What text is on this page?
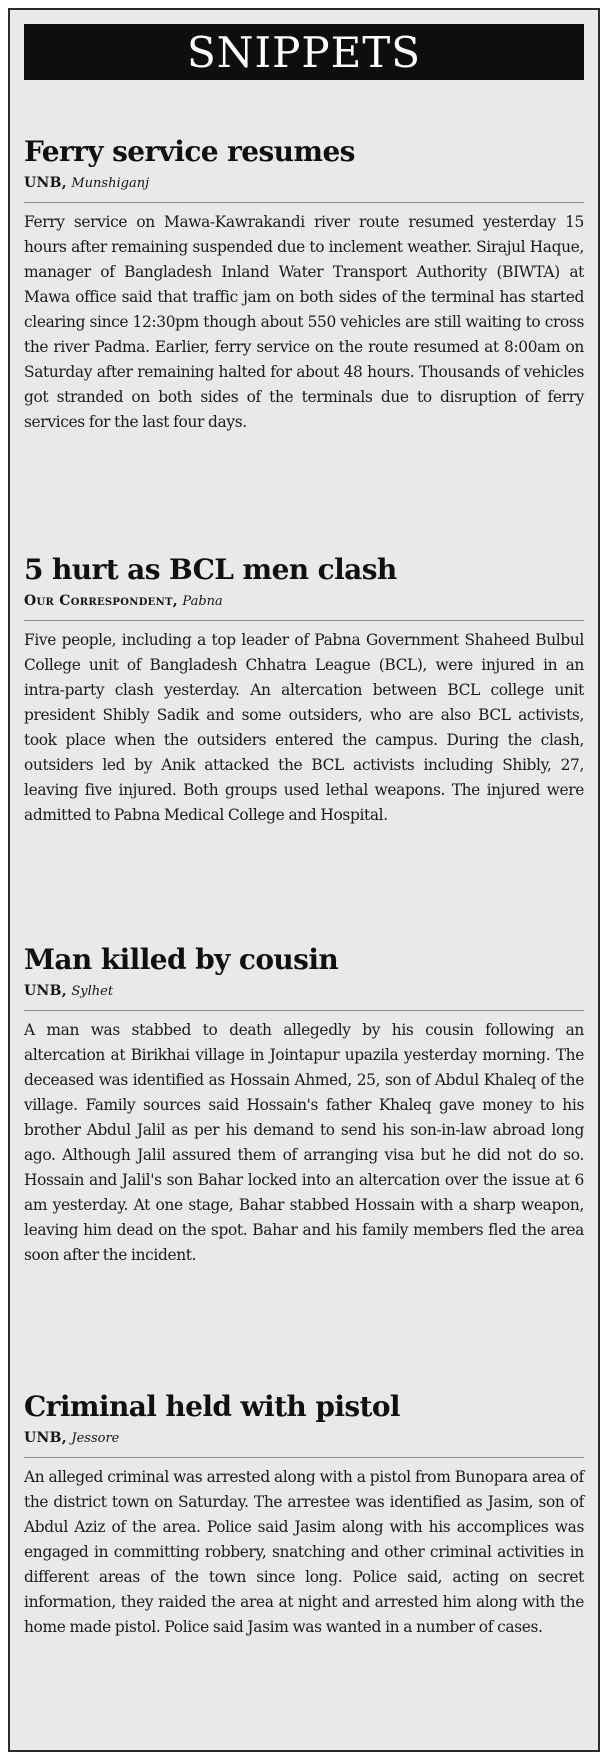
SNIPPETS
Ferry service resumes
UNB, Munshiganj

Ferry service on Mawa-Kawrakandi river route resumed yesterday 15 hours after remaining suspended due to inclement weather. Sirajul Haque, manager of Bangladesh Inland Water Transport Authority (BIWTA) at Mawa office said that traffic jam on both sides of the terminal has started clearing since 12:30pm though about 550 vehicles are still waiting to cross the river Padma. Earlier, ferry service on the route resumed at 8:00am on Saturday after remaining halted for about 48 hours. Thousands of vehicles got stranded on both sides of the terminals due to disruption of ferry services for the last four days.

5 hurt as BCL men clash
Our Correspondent, Pabna

Five people, including a top leader of Pabna Government Shaheed Bulbul College unit of Bangladesh Chhatra League (BCL), were injured in an intra-party clash yesterday. An altercation between BCL college unit president Shibly Sadik and some outsiders, who are also BCL activists, took place when the outsiders entered the campus. During the clash, outsiders led by Anik attacked the BCL activists including Shibly, 27, leaving five injured. Both groups used lethal weapons. The injured were admitted to Pabna Medical College and Hospital.

Man killed by cousin
UNB, Sylhet

A man was stabbed to death allegedly by his cousin following an altercation at Birikhai village in Jointapur upazila yesterday morning. The deceased was identified as Hossain Ahmed, 25, son of Abdul Khaleq of the village. Family sources said Hossain's father Khaleq gave money to his brother Abdul Jalil as per his demand to send his son-in-law abroad long ago. Although Jalil assured them of arranging visa but he did not do so. Hossain and Jalil's son Bahar locked into an altercation over the issue at 6 am yesterday. At one stage, Bahar stabbed Hossain with a sharp weapon, leaving him dead on the spot. Bahar and his family members fled the area soon after the incident.

Criminal held with pistol
UNB, Jessore

An alleged criminal was arrested along with a pistol from Bunopara area of the district town on Saturday. The arrestee was identified as Jasim, son of Abdul Aziz of the area. Police said Jasim along with his accomplices was engaged in committing robbery, snatching and other criminal activities in different areas of the town since long. Police said, acting on secret information, they raided the area at night and arrested him along with the home made pistol. Police said Jasim was wanted in a number of cases.
